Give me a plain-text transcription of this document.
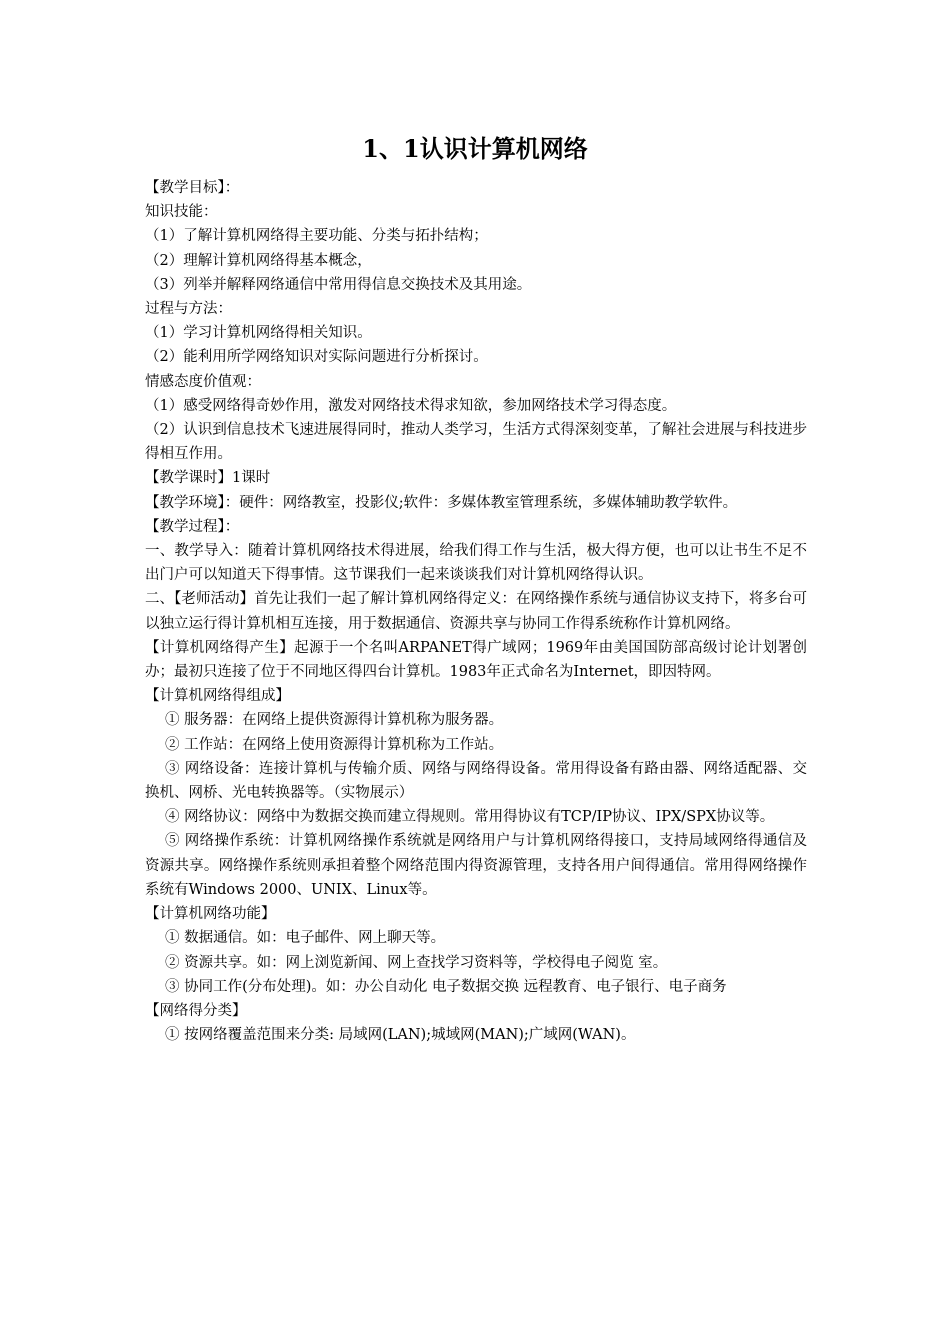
1、1认识计算机网络

【教学目标】：

知识技能：

（1）了解计算机网络得主要功能、分类与拓扑结构；

（2）理解计算机网络得基本概念，

（3）列举并解释网络通信中常用得信息交换技术及其用途。

过程与方法：

（1）学习计算机网络得相关知识。

（2）能利用所学网络知识对实际问题进行分析探讨。

情感态度价值观：

（1）感受网络得奇妙作用，激发对网络技术得求知欲，参加网络技术学习得态度。

（2）认识到信息技术飞速进展得同时，推动人类学习，生活方式得深刻变革，了解社会进展与科技进步得相互作用。

【教学课时】1课时

【教学环境】：硬件：网络教室，投影仪;软件：多媒体教室管理系统，多媒体辅助教学软件。

【教学过程】：

一、教学导入：随着计算机网络技术得进展，给我们得工作与生活，极大得方便，也可以让书生不足不出门户可以知道天下得事情。这节课我们一起来谈谈我们对计算机网络得认识。

二、【老师活动】首先让我们一起了解计算机网络得定义：在网络操作系统与通信协议支持下，将多台可以独立运行得计算机相互连接，用于数据通信、资源共享与协同工作得系统称作计算机网络。

【计算机网络得产生】起源于一个名叫ARPANET得广域网；1969年由美国国防部高级讨论计划署创办；最初只连接了位于不同地区得四台计算机。1983年正式命名为Internet，即因特网。

【计算机网络得组成】

① 服务器：在网络上提供资源得计算机称为服务器。

② 工作站：在网络上使用资源得计算机称为工作站。

③ 网络设备：连接计算机与传输介质、网络与网络得设备。常用得设备有路由器、网络适配器、交换机、网桥、光电转换器等。（实物展示）

④ 网络协议：网络中为数据交换而建立得规则。常用得协议有TCP/IP协议、IPX/SPX协议等。

⑤ 网络操作系统：计算机网络操作系统就是网络用户与计算机网络得接口，支持局域网络得通信及资源共享。网络操作系统则承担着整个网络范围内得资源管理，支持各用户间得通信。常用得网络操作系统有Windows 2000、UNIX、Linux等。

【计算机网络功能】

① 数据通信。如：电子邮件、网上聊天等。

② 资源共享。如：网上浏览新闻、网上查找学习资料等，学校得电子阅览 室。

③ 协同工作(分布处理)。如：办公自动化 电子数据交换 远程教育、电子银行、电子商务

【网络得分类】

① 按网络覆盖范围来分类: 局域网(LAN);城域网(MAN);广域网(WAN)。
